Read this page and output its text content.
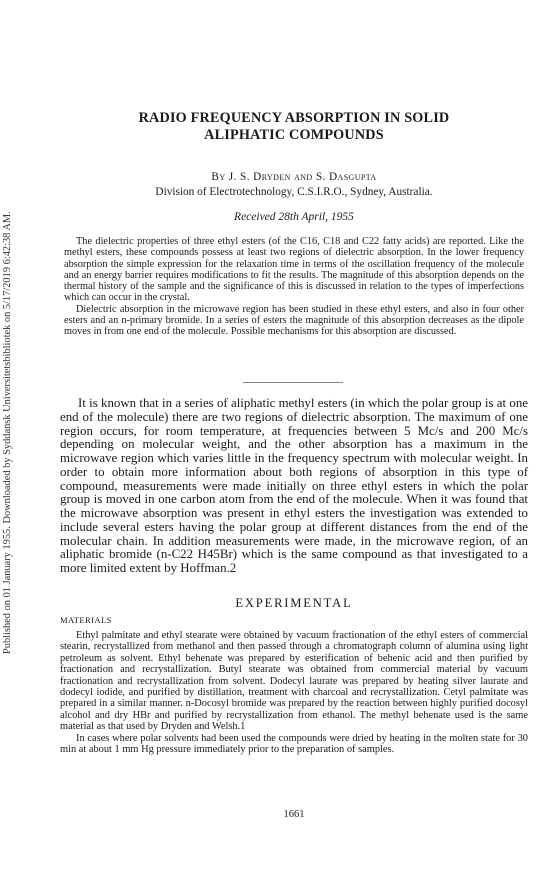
Published on 01 January 1955. Downloaded by Syddansk Universitetsbibliotek on 5/17/2019 6:42:38 AM.
RADIO FREQUENCY ABSORPTION IN SOLID
ALIPHATIC COMPOUNDS
By J. S. Dryden and S. Dasgupta
Division of Electrotechnology, C.S.I.R.O., Sydney, Australia.
Received 28th April, 1955

The dielectric properties of three ethyl esters (of the C16, C18 and C22 fatty acids) are reported. Like the methyl esters, these compounds possess at least two regions of dielectric absorption. In the lower frequency absorption the simple expression for the relaxation time in terms of the oscillation frequency of the molecule and an energy barrier requires modifications to fit the results. The magnitude of this absorption depends on the thermal history of the sample and the significance of this is discussed in relation to the types of imperfections which can occur in the crystal.

Dielectric absorption in the microwave region has been studied in these ethyl esters, and also in four other esters and an n-primary bromide. In a series of esters the magnitude of this absorption decreases as the dipole moves in from one end of the molecule. Possible mechanisms for this absorption are discussed.

It is known that in a series of aliphatic methyl esters (in which the polar group is at one end of the molecule) there are two regions of dielectric absorption. The maximum of one region occurs, for room temperature, at frequencies between 5 Mc/s and 200 Mc/s depending on molecular weight, and the other absorption has a maximum in the microwave region which varies little in the frequency spectrum with molecular weight. In order to obtain more information about both regions of absorption in this type of compound, measurements were made initially on three ethyl esters in which the polar group is moved in one carbon atom from the end of the molecule. When it was found that the microwave absorption was present in ethyl esters the investigation was extended to include several esters having the polar group at different distances from the end of the molecular chain. In addition measurements were made, in the microwave region, of an aliphatic bromide (n-C22 H45Br) which is the same compound as that investigated to a more limited extent by Hoffman.2

EXPERIMENTAL
MATERIALS

Ethyl palmitate and ethyl stearate were obtained by vacuum fractionation of the ethyl esters of commercial stearin, recrystallized from methanol and then passed through a chromatograph column of alumina using light petroleum as solvent. Ethyl behenate was prepared by esterification of behenic acid and then purified by fractionation and recrystallization. Butyl stearate was obtained from commercial material by vacuum fractionation and recrystallization from solvent. Dodecyl laurate was prepared by heating silver laurate and dodecyl iodide, and purified by distillation, treatment with charcoal and recrystallization. Cetyl palmitate was prepared in a similar manner. n-Docosyl bromide was prepared by the reaction between highly purified docosyl alcohol and dry HBr and purified by recrystallization from ethanol. The methyl behenate used is the same material as that used by Dryden and Welsh.1

In cases where polar solvents had been used the compounds were dried by heating in the molten state for 30 min at about 1 mm Hg pressure immediately prior to the preparation of samples.

1661
